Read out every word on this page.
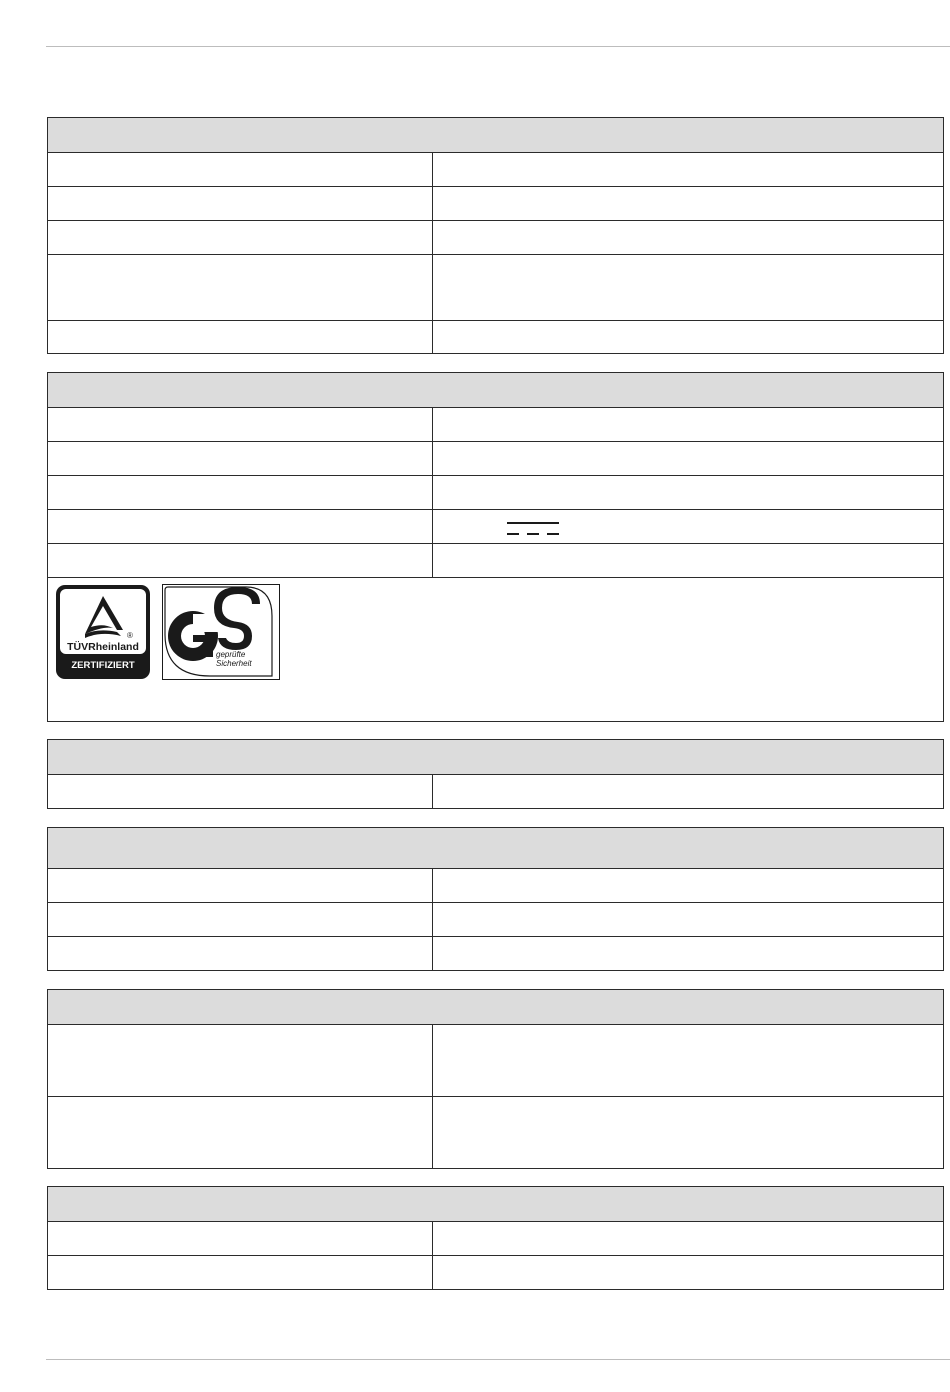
®
TÜVRheinland
ZERTIFIZIERT
geprüfte
Sicherheit
